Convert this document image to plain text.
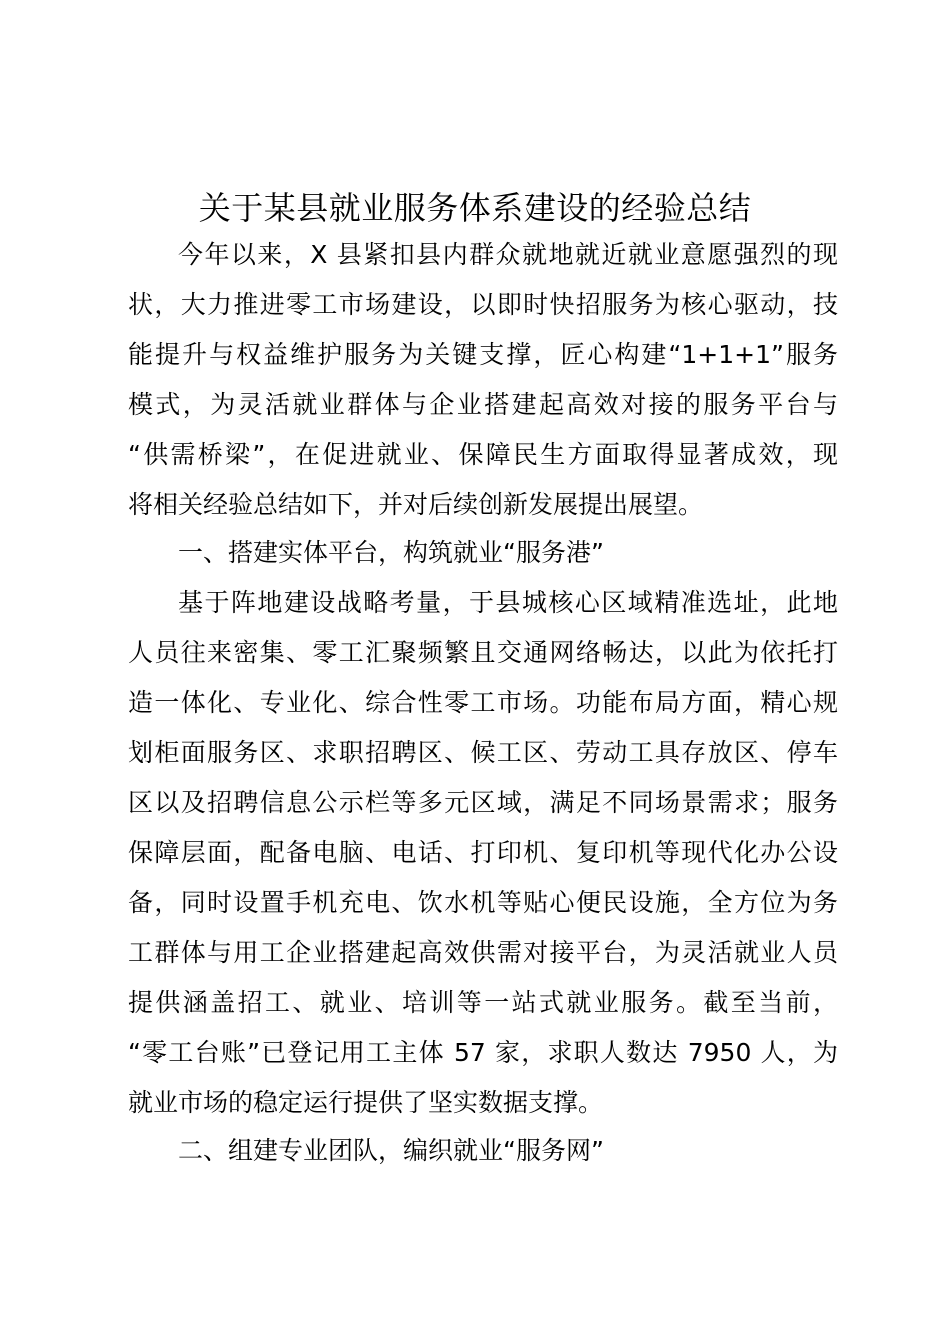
关于某县就业服务体系建设的经验总结
今年以来，X 县紧扣县内群众就地就近就业意愿强烈的现
状，大力推进零工市场建设，以即时快招服务为核心驱动，技
能提升与权益维护服务为关键支撑，匠心构建“1+1+1”服务
模式，为灵活就业群体与企业搭建起高效对接的服务平台与
“供需桥梁”，在促进就业、保障民生方面取得显著成效，现
将相关经验总结如下，并对后续创新发展提出展望。
一、搭建实体平台，构筑就业“服务港”
基于阵地建设战略考量，于县城核心区域精准选址，此地
人员往来密集、零工汇聚频繁且交通网络畅达，以此为依托打
造一体化、专业化、综合性零工市场。功能布局方面，精心规
划柜面服务区、求职招聘区、候工区、劳动工具存放区、停车
区以及招聘信息公示栏等多元区域，满足不同场景需求；服务
保障层面，配备电脑、电话、打印机、复印机等现代化办公设
备，同时设置手机充电、饮水机等贴心便民设施，全方位为务
工群体与用工企业搭建起高效供需对接平台，为灵活就业人员
提供涵盖招工、就业、培训等一站式就业服务。截至当前，
“零工台账”已登记用工主体 57 家，求职人数达 7950 人，为
就业市场的稳定运行提供了坚实数据支撑。
二、组建专业团队，编织就业“服务网”
